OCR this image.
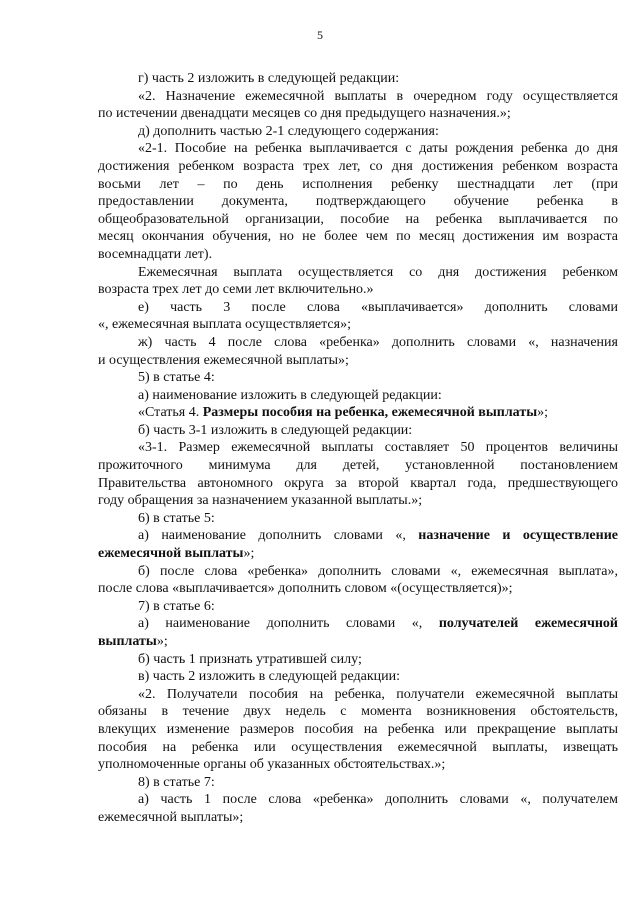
5
г) часть 2 изложить в следующей редакции:
«2. Назначение ежемесячной выплаты в очередном году осуществляется
по истечении двенадцати месяцев со дня предыдущего назначения.»;
д) дополнить частью 2-1 следующего содержания:
«2-1. Пособие на ребенка выплачивается с даты рождения ребенка до дня
достижения ребенком возраста трех лет, со дня достижения ребенком возраста
восьми лет – по день исполнения ребенку шестнадцати лет (при
предоставлении документа, подтверждающего обучение ребенка в
общеобразовательной организации, пособие на ребенка выплачивается по
месяц окончания обучения, но не более чем по месяц достижения им возраста
восемнадцати лет).
Ежемесячная выплата осуществляется со дня достижения ребенком
возраста трех лет до семи лет включительно.»
е) часть 3 после слова «выплачивается» дополнить словами
«, ежемесячная выплата осуществляется»;
ж) часть 4 после слова «ребенка» дополнить словами «, назначения
и осуществления ежемесячной выплаты»;
5) в статье 4:
а) наименование изложить в следующей редакции:
«Статья 4. Размеры пособия на ребенка, ежемесячной выплаты»;
б) часть 3-1 изложить в следующей редакции:
«3-1. Размер ежемесячной выплаты составляет 50 процентов величины
прожиточного минимума для детей, установленной постановлением
Правительства автономного округа за второй квартал года, предшествующего
году обращения за назначением указанной выплаты.»;
6) в статье 5:
а) наименование дополнить словами «, назначение и осуществление
ежемесячной выплаты»;
б) после слова «ребенка» дополнить словами «, ежемесячная выплата»,
после слова «выплачивается» дополнить словом «(осуществляется)»;
7) в статье 6:
а) наименование дополнить словами «, получателей ежемесячной
выплаты»;
б) часть 1 признать утратившей силу;
в) часть 2 изложить в следующей редакции:
«2. Получатели пособия на ребенка, получатели ежемесячной выплаты
обязаны в течение двух недель с момента возникновения обстоятельств,
влекущих изменение размеров пособия на ребенка или прекращение выплаты
пособия на ребенка или осуществления ежемесячной выплаты, извещать
уполномоченные органы об указанных обстоятельствах.»;
8) в статье 7:
а) часть 1 после слова «ребенка» дополнить словами «, получателем
ежемесячной выплаты»;
